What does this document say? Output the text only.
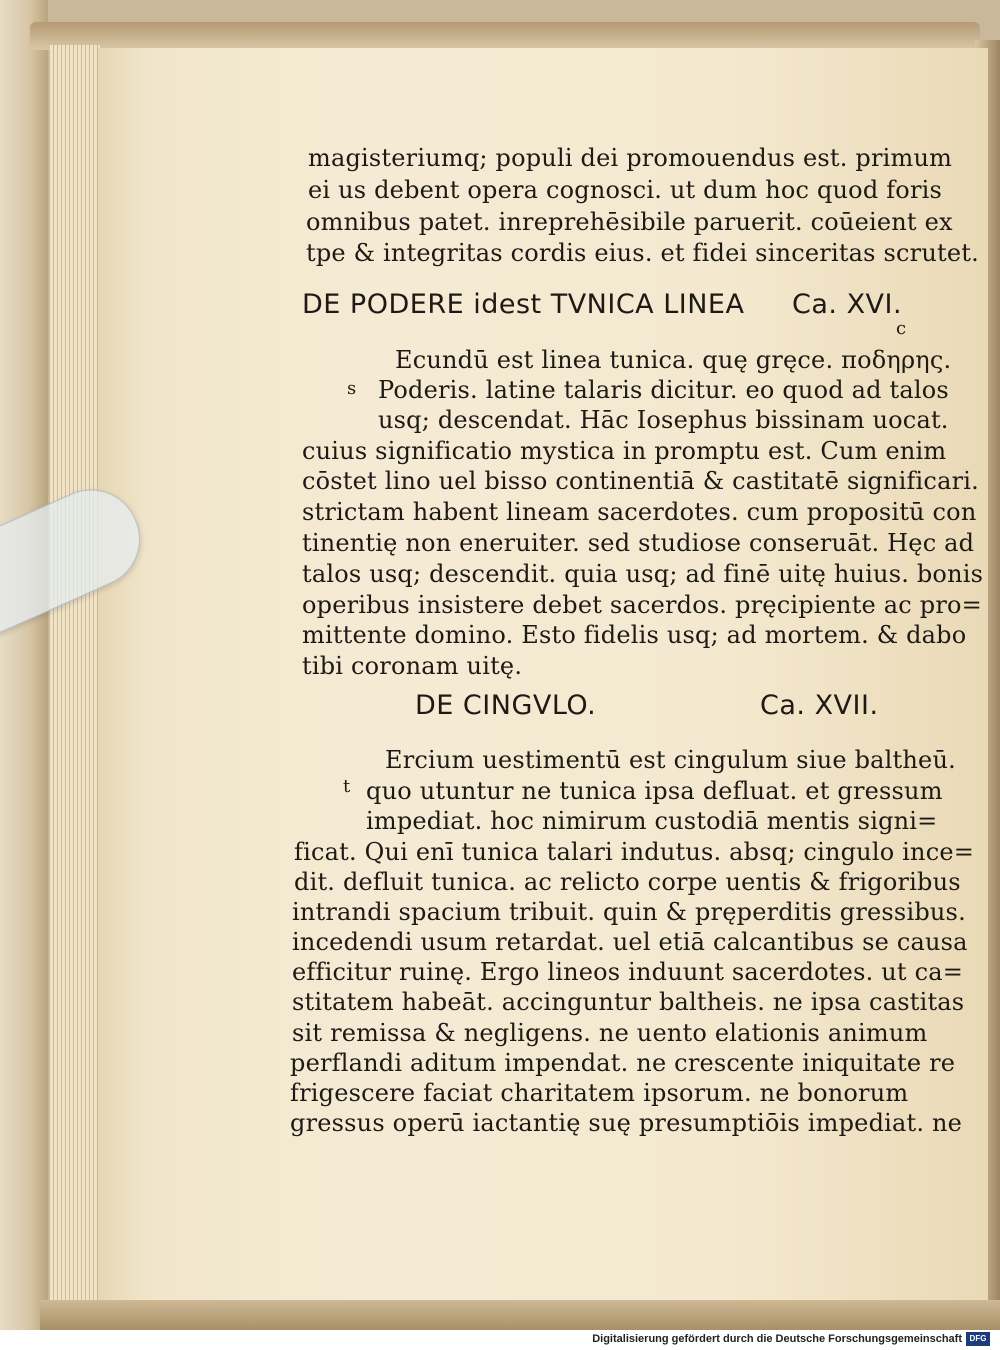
magisteriumq; populi dei promouendus est. primum
ei us debent opera cognosci. ut dum hoc quod foris
omnibus patet. inreprehēsibile paruerit. coūeient ex
tpe & integritas cordis eius. et fidei sinceritas scrutet.
DE PODERE idest TVNICA LINEA Ca. XVI.
c
Ecundū est linea tunica. quę gręce. ποδηρης.
s Poderis. latine talaris dicitur. eo quod ad talos
usq; descendat. Hāc Iosephus bissinam uocat.
cuius significatio mystica in promptu est. Cum enim
cōstet lino uel bisso continentiā & castitatē significari.
strictam habent lineam sacerdotes. cum propositū con
tinentię non eneruiter. sed studiose conseruāt. Hęc ad
talos usq; descendit. quia usq; ad finē uitę huius. bonis
operibus insistere debet sacerdos. pręcipiente ac pro=
mittente domino. Esto fidelis usq; ad mortem. & dabo
tibi coronam uitę.
DE CINGVLO.	Ca. XVII.
Ercium uestimentū est cingulum siue baltheū.
t quo utuntur ne tunica ipsa defluat. et gressum
impediat. hoc nimirum custodiā mentis signi=
ficat. Qui enī tunica talari indutus. absq; cingulo ince=
dit. defluit tunica. ac relicto corpe uentis & frigoribus
intrandi spacium tribuit. quin & pręperditis gressibus.
incedendi usum retardat. uel etiā calcantibus se causa
efficitur ruinę. Ergo lineos induunt sacerdotes. ut ca=
stitatem habeāt. accinguntur baltheis. ne ipsa castitas
sit remissa & negligens. ne uento elationis animum
perflandi aditum impendat. ne crescente iniquitate re
frigescere faciat charitatem ipsorum. ne bonorum
gressus operū iactantię suę presumptiōis impediat. ne
Digitalisierung gefördert durch die Deutsche Forschungsgemeinschaft DFG
